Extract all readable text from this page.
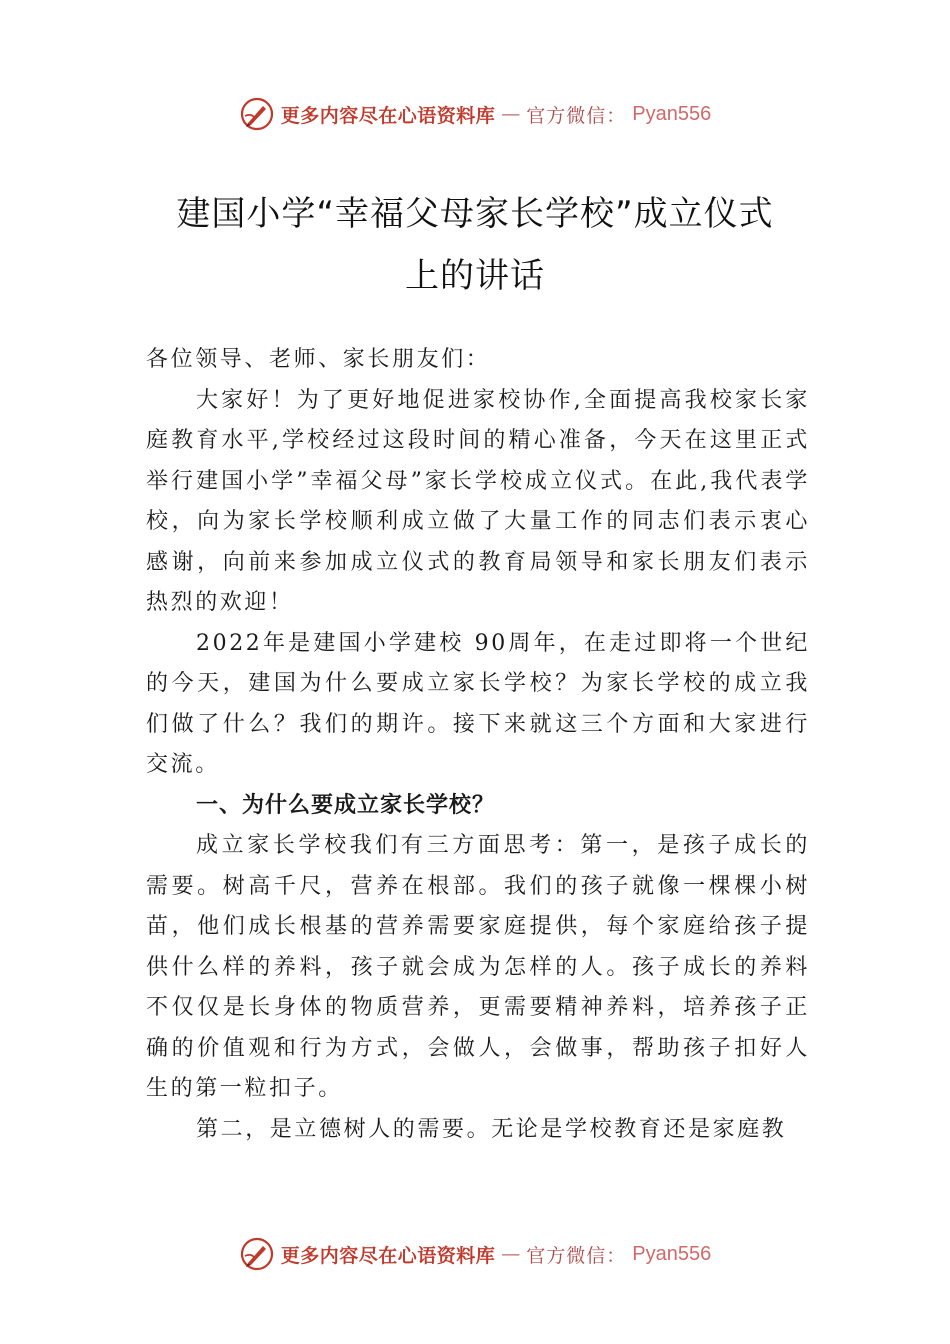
更多内容尽在心语资料库 — 官方微信： Pyan556
建国小学“幸福父母家长学校”成立仪式
上的讲话

各位领导、老师、家长朋友们：

大家好！为了更好地促进家校协作,全面提高我校家长家庭教育水平,学校经过这段时间的精心准备，今天在这里正式举行建国小学”幸福父母”家长学校成立仪式。在此,我代表学校，向为家长学校顺利成立做了大量工作的同志们表示衷心感谢，向前来参加成立仪式的教育局领导和家长朋友们表示热烈的欢迎！

2022年是建国小学建校 90周年，在走过即将一个世纪的今天，建国为什么要成立家长学校？为家长学校的成立我们做了什么？我们的期许。接下来就这三个方面和大家进行交流。

一、为什么要成立家长学校？

成立家长学校我们有三方面思考：第一，是孩子成长的需要。树高千尺，营养在根部。我们的孩子就像一棵棵小树苗，他们成长根基的营养需要家庭提供，每个家庭给孩子提供什么样的养料，孩子就会成为怎样的人。孩子成长的养料不仅仅是长身体的物质营养，更需要精神养料，培养孩子正确的价值观和行为方式，会做人，会做事，帮助孩子扣好人生的第一粒扣子。

第二，是立德树人的需要。无论是学校教育还是家庭教

更多内容尽在心语资料库 — 官方微信： Pyan556
